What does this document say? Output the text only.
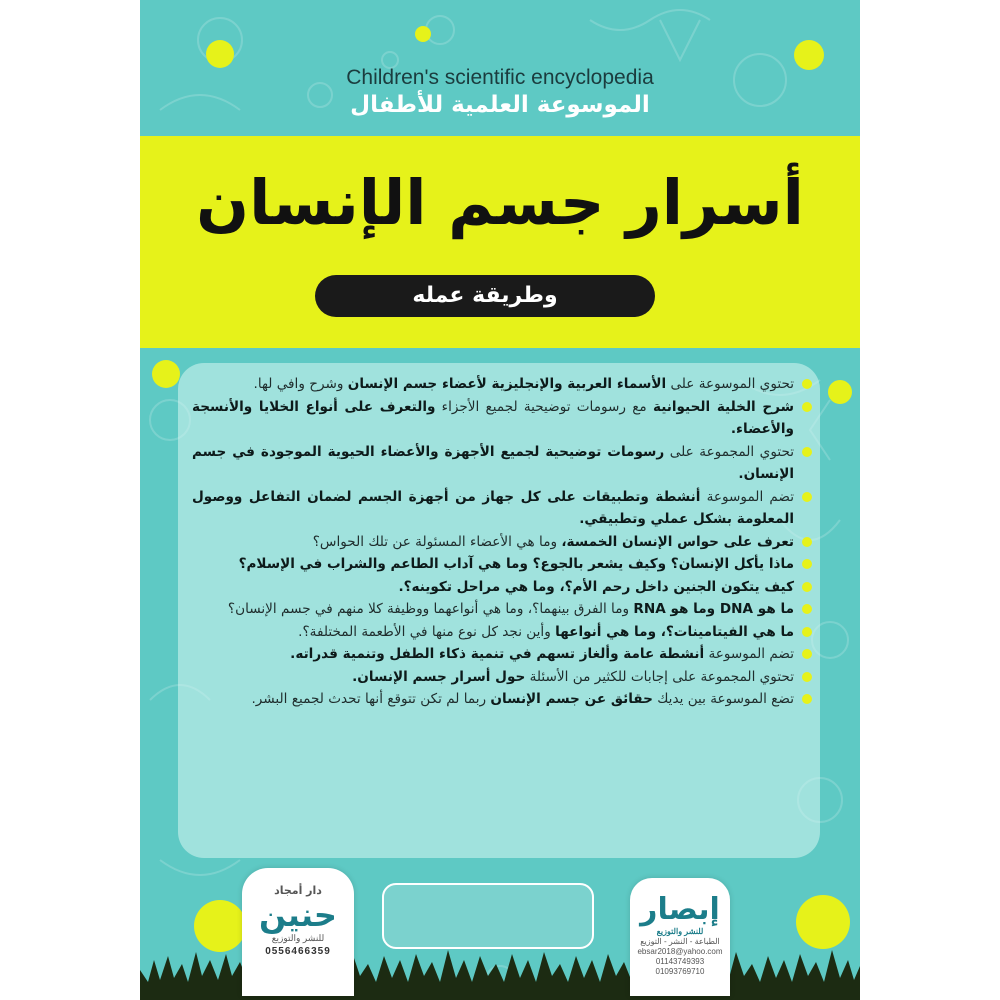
Children's scientific encyclopedia
الموسوعة العلمية للأطفال
أسرار جسم الإنسان
وطريقة عمله
تحتوي الموسوعة على الأسماء العربية والإنجليزية لأعضاء جسم الإنسان وشرح وافي لها.
شرح الخلية الحيوانية مع رسومات توضيحية لجميع الأجزاء والتعرف على أنواع الخلايا والأنسجة والأعضاء.
تحتوي المجموعة على رسومات توضيحية لجميع الأجهزة والأعضاء الحيوية الموجودة في جسم الإنسان.
تضم الموسوعة أنشطة وتطبيقات على كل جهاز من أجهزة الجسم لضمان التفاعل ووصول المعلومة بشكل عملي وتطبيقي.
تعرف على حواس الإنسان الخمسة، وما هي الأعضاء المسئولة عن تلك الحواس؟
ماذا يأكل الإنسان؟ وكيف يشعر بالجوع؟ وما هي آداب الطاعم والشراب في الإسلام؟
كيف يتكون الجنين داخل رحم الأم؟، وما هي مراحل تكوينه؟.
ما هو DNA وما هو RNA وما الفرق بينهما؟، وما هي أنواعهما ووظيفة كلا منهم في جسم الإنسان؟
ما هي الفيتامينات؟، وما هي أنواعها وأين نجد كل نوع منها في الأطعمة المختلفة؟.
تضم الموسوعة أنشطة عامة وألغاز تسهم في تنمية ذكاء الطفل وتنمية قدراته.
تحتوي المجموعة على إجابات للكثير من الأسئلة حول أسرار جسم الإنسان.
تضع الموسوعة بين يديك حقائق عن جسم الإنسان ربما لم تكن تتوقع أنها تحدث لجميع البشر.
إبصار
للنشر والتوزيع
الطباعة - النشر - التوزيع
ebsar2018@yahoo.com
01143749393
01093769710
دار أمجاد
حنين
للنشر والتوزيع
0556466359
